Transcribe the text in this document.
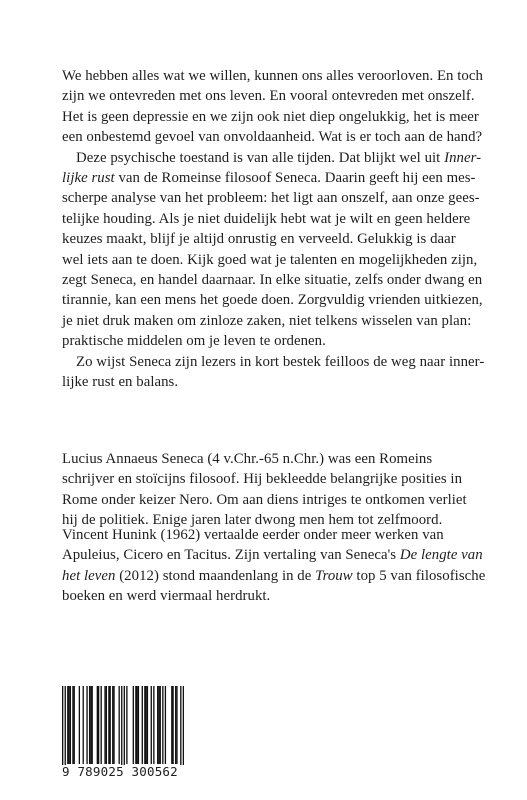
We hebben alles wat we willen, kunnen ons alles veroorloven. En toch
zijn we ontevreden met ons leven. En vooral ontevreden met onszelf.
Het is geen depressie en we zijn ook niet diep ongelukkig, het is meer
een onbestemd gevoel van onvoldaanheid. Wat is er toch aan de hand?
Deze psychische toestand is van alle tijden. Dat blijkt wel uit Inner-
lijke rust van de Romeinse filosoof Seneca. Daarin geeft hij een mes-
scherpe analyse van het probleem: het ligt aan onszelf, aan onze gees-
telijke houding. Als je niet duidelijk hebt wat je wilt en geen heldere
keuzes maakt, blijf je altijd onrustig en verveeld. Gelukkig is daar
wel iets aan te doen. Kijk goed wat je talenten en mogelijkheden zijn,
zegt Seneca, en handel daarnaar. In elke situatie, zelfs onder dwang en
tirannie, kan een mens het goede doen. Zorgvuldig vrienden uitkiezen,
je niet druk maken om zinloze zaken, niet telkens wisselen van plan:
praktische middelen om je leven te ordenen.
Zo wijst Seneca zijn lezers in kort bestek feilloos de weg naar inner-
lijke rust en balans.
Lucius Annaeus Seneca (4 v.Chr.-65 n.Chr.) was een Romeins
schrijver en stoïcijns filosoof. Hij bekleedde belangrijke posities in
Rome onder keizer Nero. Om aan diens intriges te ontkomen verliet
hij de politiek. Enige jaren later dwong men hem tot zelfmoord.
Vincent Hunink (1962) vertaalde eerder onder meer werken van
Apuleius, Cicero en Tacitus. Zijn vertaling van Seneca's De lengte van
het leven (2012) stond maandenlang in de Trouw top 5 van filosofische
boeken en werd viermaal herdrukt.
9 789025 300562
